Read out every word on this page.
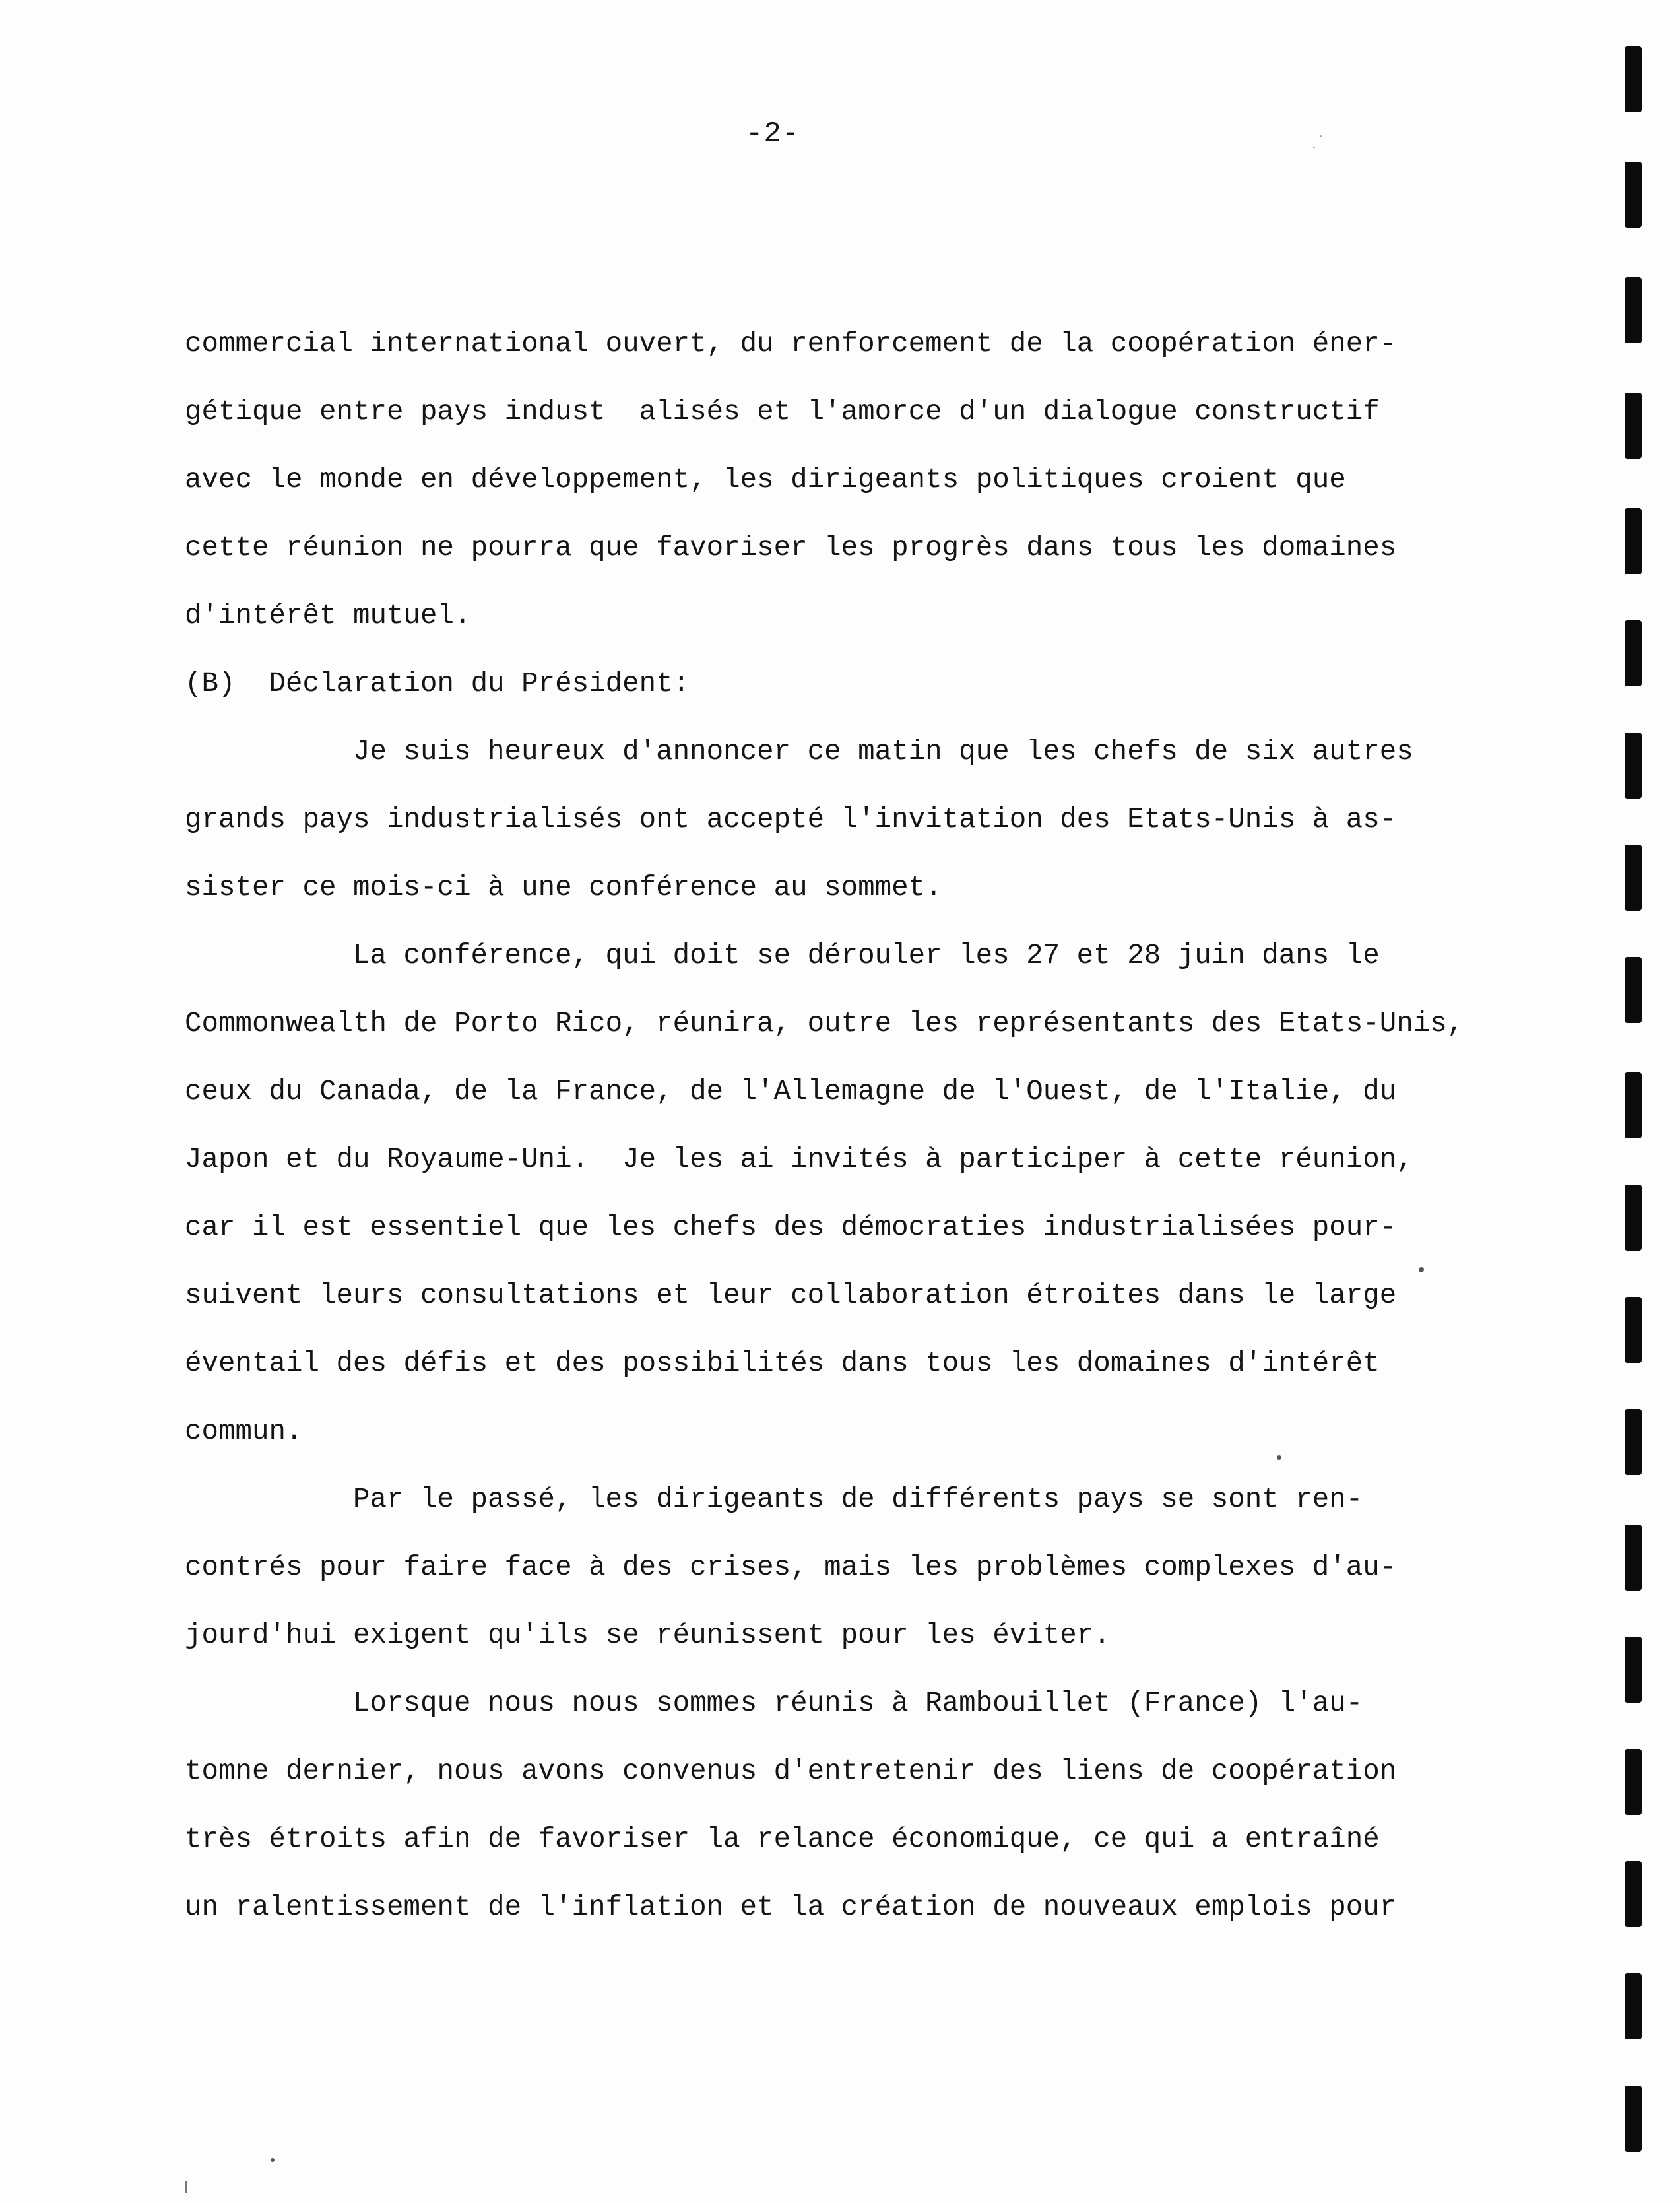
-2-
commercial international ouvert, du renforcement de la coopération éner-
gétique entre pays indust  alisés et l'amorce d'un dialogue constructif
avec le monde en développement, les dirigeants politiques croient que
cette réunion ne pourra que favoriser les progrès dans tous les domaines
d'intérêt mutuel.
(B)  Déclaration du Président:
Je suis heureux d'annoncer ce matin que les chefs de six autres
grands pays industrialisés ont accepté l'invitation des Etats-Unis à as-
sister ce mois-ci à une conférence au sommet.
La conférence, qui doit se dérouler les 27 et 28 juin dans le
Commonwealth de Porto Rico, réunira, outre les représentants des Etats-Unis,
ceux du Canada, de la France, de l'Allemagne de l'Ouest, de l'Italie, du
Japon et du Royaume-Uni.  Je les ai invités à participer à cette réunion,
car il est essentiel que les chefs des démocraties industrialisées pour-
suivent leurs consultations et leur collaboration étroites dans le large
éventail des défis et des possibilités dans tous les domaines d'intérêt
commun.
Par le passé, les dirigeants de différents pays se sont ren-
contrés pour faire face à des crises, mais les problèmes complexes d'au-
jourd'hui exigent qu'ils se réunissent pour les éviter.
Lorsque nous nous sommes réunis à Rambouillet (France) l'au-
tomne dernier, nous avons convenus d'entretenir des liens de coopération
très étroits afin de favoriser la relance économique, ce qui a entraîné
un ralentissement de l'inflation et la création de nouveaux emplois pour
